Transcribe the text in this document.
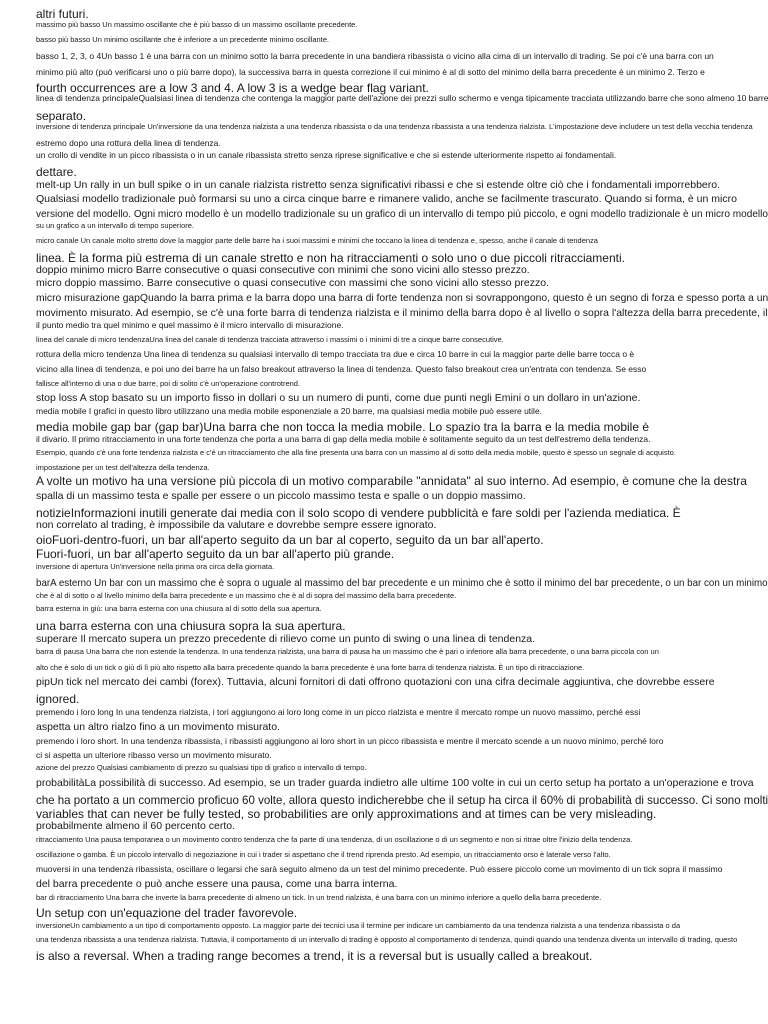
altri futuri.
massimo più basso Un massimo oscillante che è più basso di un massimo oscillante precedente.
basso più basso Un minimo oscillante che è inferiore a un precedente minimo oscillante.
basso 1, 2, 3, o 4Un basso 1 è una barra con un minimo sotto la barra precedente in una bandiera ribassista o vicino alla cima di un intervallo di trading. Se poi c'è una barra con un
minimo più alto (può verificarsi uno o più barre dopo), la successiva barra in questa correzione il cui minimo è al di sotto del minimo della barra precedente è un minimo 2. Terzo e
fourth occurrences are a low 3 and 4. A low 3 is a wedge bear flag variant.
linea di tendenza principaleQualsiasi linea di tendenza che contenga la maggior parte dell'azione dei prezzi sullo schermo e venga tipicamente tracciata utilizzando barre che sono almeno 10 barre
separato.
inversione di tendenza principale Un'inversione da una tendenza rialzista a una tendenza ribassista o da una tendenza ribassista a una tendenza rialzista. L'impostazione deve includere un test della vecchia tendenza
estremo dopo una rottura della linea di tendenza.
un crollo di vendite in un picco ribassista o in un canale ribassista stretto senza riprese significative e che si estende ulteriormente rispetto ai fondamentali.
dettare.
melt-up Un rally in un bull spike o in un canale rialzista ristretto senza significativi ribassi e che si estende oltre ciò che i fondamentali imporrebbero.
Qualsiasi modello tradizionale può formarsi su uno a circa cinque barre e rimanere valido, anche se facilmente trascurato. Quando si forma, è un micro
versione del modello. Ogni micro modello è un modello tradizionale su un grafico di un intervallo di tempo più piccolo, e ogni modello tradizionale è un micro modello
su un grafico a un intervallo di tempo superiore.
micro canale Un canale molto stretto dove la maggior parte delle barre ha i suoi massimi e minimi che toccano la linea di tendenza e, spesso, anche il canale di tendenza
linea. È la forma più estrema di un canale stretto e non ha ritracciamenti o solo uno o due piccoli ritracciamenti.
doppio minimo micro Barre consecutive o quasi consecutive con minimi che sono vicini allo stesso prezzo.
micro doppio massimo. Barre consecutive o quasi consecutive con massimi che sono vicini allo stesso prezzo.
micro misurazione gapQuando la barra prima e la barra dopo una barra di forte tendenza non si sovrappongono, questo è un segno di forza e spesso porta a un
movimento misurato. Ad esempio, se c'è una forte barra di tendenza rialzista e il minimo della barra dopo è al livello o sopra l'altezza della barra precedente, il
il punto medio tra quel minimo e quel massimo è il micro intervallo di misurazione.
linea del canale di micro tendenzaUna linea del canale di tendenza tracciata attraverso i massimi o i minimi di tre a cinque barre consecutive.
rottura della micro tendenza Una linea di tendenza su qualsiasi intervallo di tempo tracciata tra due e circa 10 barre in cui la maggior parte delle barre tocca o è
vicino alla linea di tendenza, e poi uno dei barre ha un falso breakout attraverso la linea di tendenza. Questo falso breakout crea un'entrata con tendenza. Se esso
fallisce all'interno di una o due barre, poi di solito c'è un'operazione controtrend.
stop loss A stop basato su un importo fisso in dollari o su un numero di punti, come due punti negli Emini o un dollaro in un'azione.
media mobile I grafici in questo libro utilizzano una media mobile esponenziale a 20 barre, ma qualsiasi media mobile può essere utile.
media mobile gap bar (gap bar)Una barra che non tocca la media mobile. Lo spazio tra la barra e la media mobile è
il divario. Il primo ritracciamento in una forte tendenza che porta a una barra di gap della media mobile è solitamente seguito da un test dell'estremo della tendenza.
Esempio, quando c'è una forte tendenza rialzista e c'è un ritracciamento che alla fine presenta una barra con un massimo al di sotto della media mobile, questo è spesso un segnale di acquisto.
impostazione per un test dell'altezza della tendenza.
A volte un motivo ha una versione più piccola di un motivo comparabile "annidata" al suo interno. Ad esempio, è comune che la destra
spalla di un massimo testa e spalle per essere o un piccolo massimo testa e spalle o un doppio massimo.
notizieInformazioni inutili generate dai media con il solo scopo di vendere pubblicità e fare soldi per l'azienda mediatica. È
non correlato al trading, è impossibile da valutare e dovrebbe sempre essere ignorato.
oioFuori-dentro-fuori, un bar all'aperto seguito da un bar al coperto, seguito da un bar all'aperto.
Fuori-fuori, un bar all'aperto seguito da un bar all'aperto più grande.
inversione di apertura Un'inversione nella prima ora circa della giornata.
barA esterno Un bar con un massimo che è sopra o uguale al massimo del bar precedente e un minimo che è sotto il minimo del bar precedente, o un bar con un minimo
che è al di sotto o al livello minimo della barra precedente e un massimo che è al di sopra del massimo della barra precedente.
barra esterna in giù: una barra esterna con una chiusura al di sotto della sua apertura.
una barra esterna con una chiusura sopra la sua apertura.
superare Il mercato supera un prezzo precedente di rilievo come un punto di swing o una linea di tendenza.
barra di pausa Una barra che non estende la tendenza. In una tendenza rialzista, una barra di pausa ha un massimo che è pari o inferiore alla barra precedente, o una barra piccola con un
alto che è solo di un tick o giù di lì più alto rispetto alla barra precedente quando la barra precedente è una forte barra di tendenza rialzista. È un tipo di ritracciazione.
pipUn tick nel mercato dei cambi (forex). Tuttavia, alcuni fornitori di dati offrono quotazioni con una cifra decimale aggiuntiva, che dovrebbe essere
ignored.
premendo i loro long In una tendenza rialzista, i tori aggiungono ai loro long come in un picco rialzista e mentre il mercato rompe un nuovo massimo, perché essi
aspetta un altro rialzo fino a un movimento misurato.
premendo i loro short. In una tendenza ribassista, i ribassisti aggiungono ai loro short in un picco ribassista e mentre il mercato scende a un nuovo minimo, perché loro
ci si aspetta un ulteriore ribasso verso un movimento misurato.
azione del prezzo Qualsiasi cambiamento di prezzo su qualsiasi tipo di grafico o intervallo di tempo.
probabilitàLa possibilità di successo. Ad esempio, se un trader guarda indietro alle ultime 100 volte in cui un certo setup ha portato a un'operazione e trova
che ha portato a un commercio proficuo 60 volte, allora questo indicherebbe che il setup ha circa il 60% di probabilità di successo. Ci sono molti
variables that can never be fully tested, so probabilities are only approximations and at times can be very misleading.
probabilmente almeno il 60 percento certo.
ritracciamento Una pausa temporanea o un movimento contro tendenza che fa parte di una tendenza, di un oscillazione o di un segmento e non si ritrae oltre l'inizio della tendenza.
oscillazione o gamba. È un piccolo intervallo di negoziazione in cui i trader si aspettano che il trend riprenda presto. Ad esempio, un ritracciamento orso è laterale verso l'alto.
muoversi in una tendenza ribassista, oscillare o legarsi che sarà seguito almeno da un test del minimo precedente. Può essere piccolo come un movimento di un tick sopra il massimo
del barra precedente o può anche essere una pausa, come una barra interna.
bar di ritracciamento Una barra che inverte la barra precedente di almeno un tick. In un trend rialzista, è una barra con un minimo inferiore a quello della barra precedente.
Un setup con un'equazione del trader favorevole.
inversioneUn cambiamento a un tipo di comportamento opposto. La maggior parte dei tecnici usa il termine per indicare un cambiamento da una tendenza rialzista a una tendenza ribassista o da
una tendenza ribassista a una tendenza rialzista. Tuttavia, il comportamento di un intervallo di trading è opposto al comportamento di tendenza, quindi quando una tendenza diventa un intervallo di trading, questo
is also a reversal. When a trading range becomes a trend, it is a reversal but is usually called a breakout.
